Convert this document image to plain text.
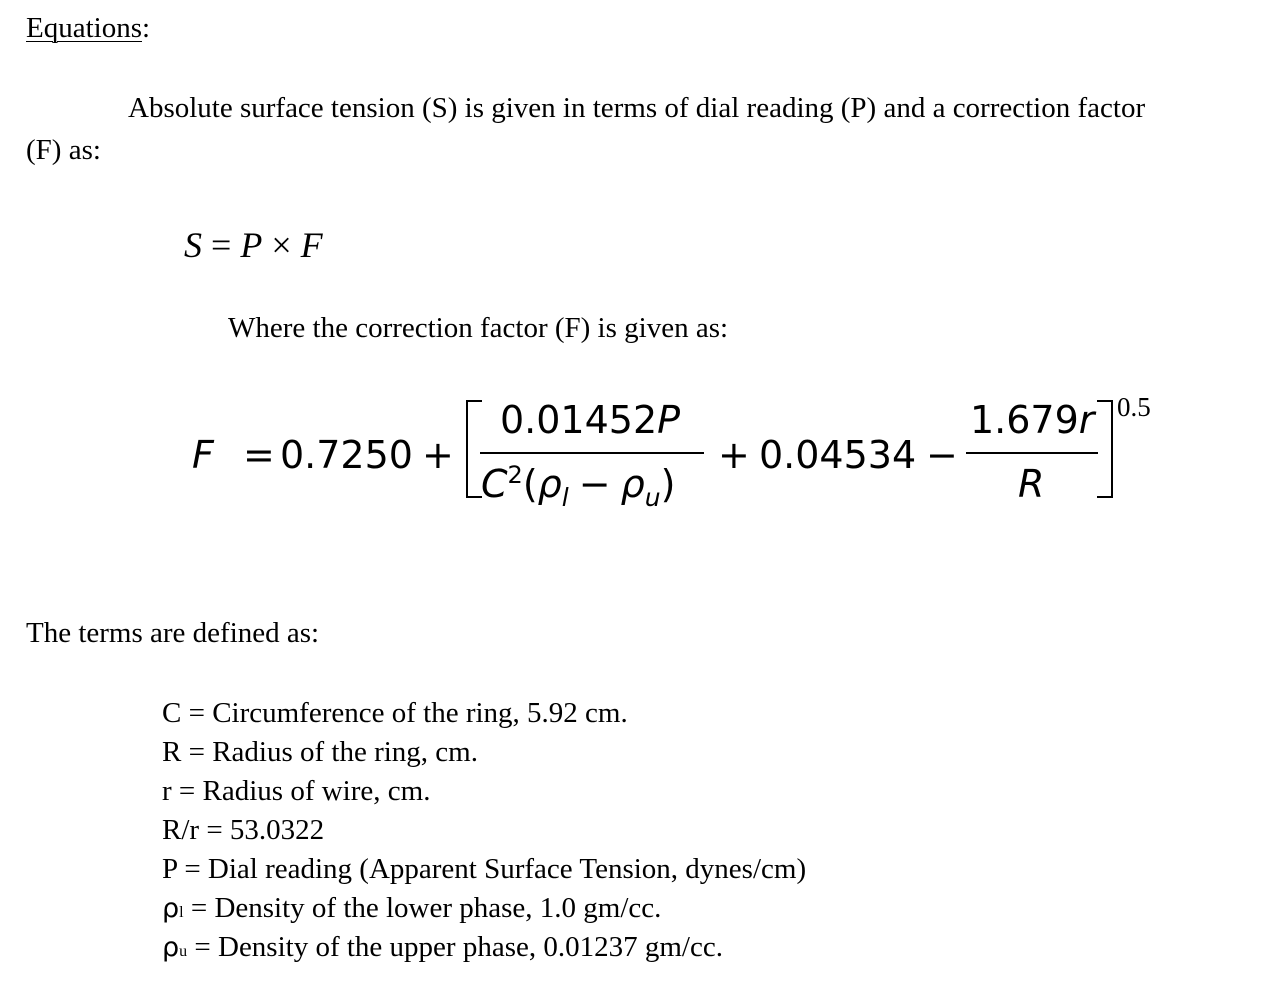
Equations:
Absolute surface tension (S) is given in terms of dial reading (P) and a correction factor
(F) as:
S = P × F
Where the correction factor (F) is given as:
F = 0.7250 +
0.01452P
$C^2(\rho_l - \rho_u)$
+ 0.04534 −
1.679r
R
0.5
The terms are defined as:
C = Circumference of the ring, 5.92 cm.
R = Radius of the ring, cm.
r = Radius of wire, cm.
R/r = 53.0322
P = Dial reading (Apparent Surface Tension, dynes/cm)
ρl = Density of the lower phase, 1.0 gm/cc.
ρu = Density of the upper phase, 0.01237 gm/cc.
